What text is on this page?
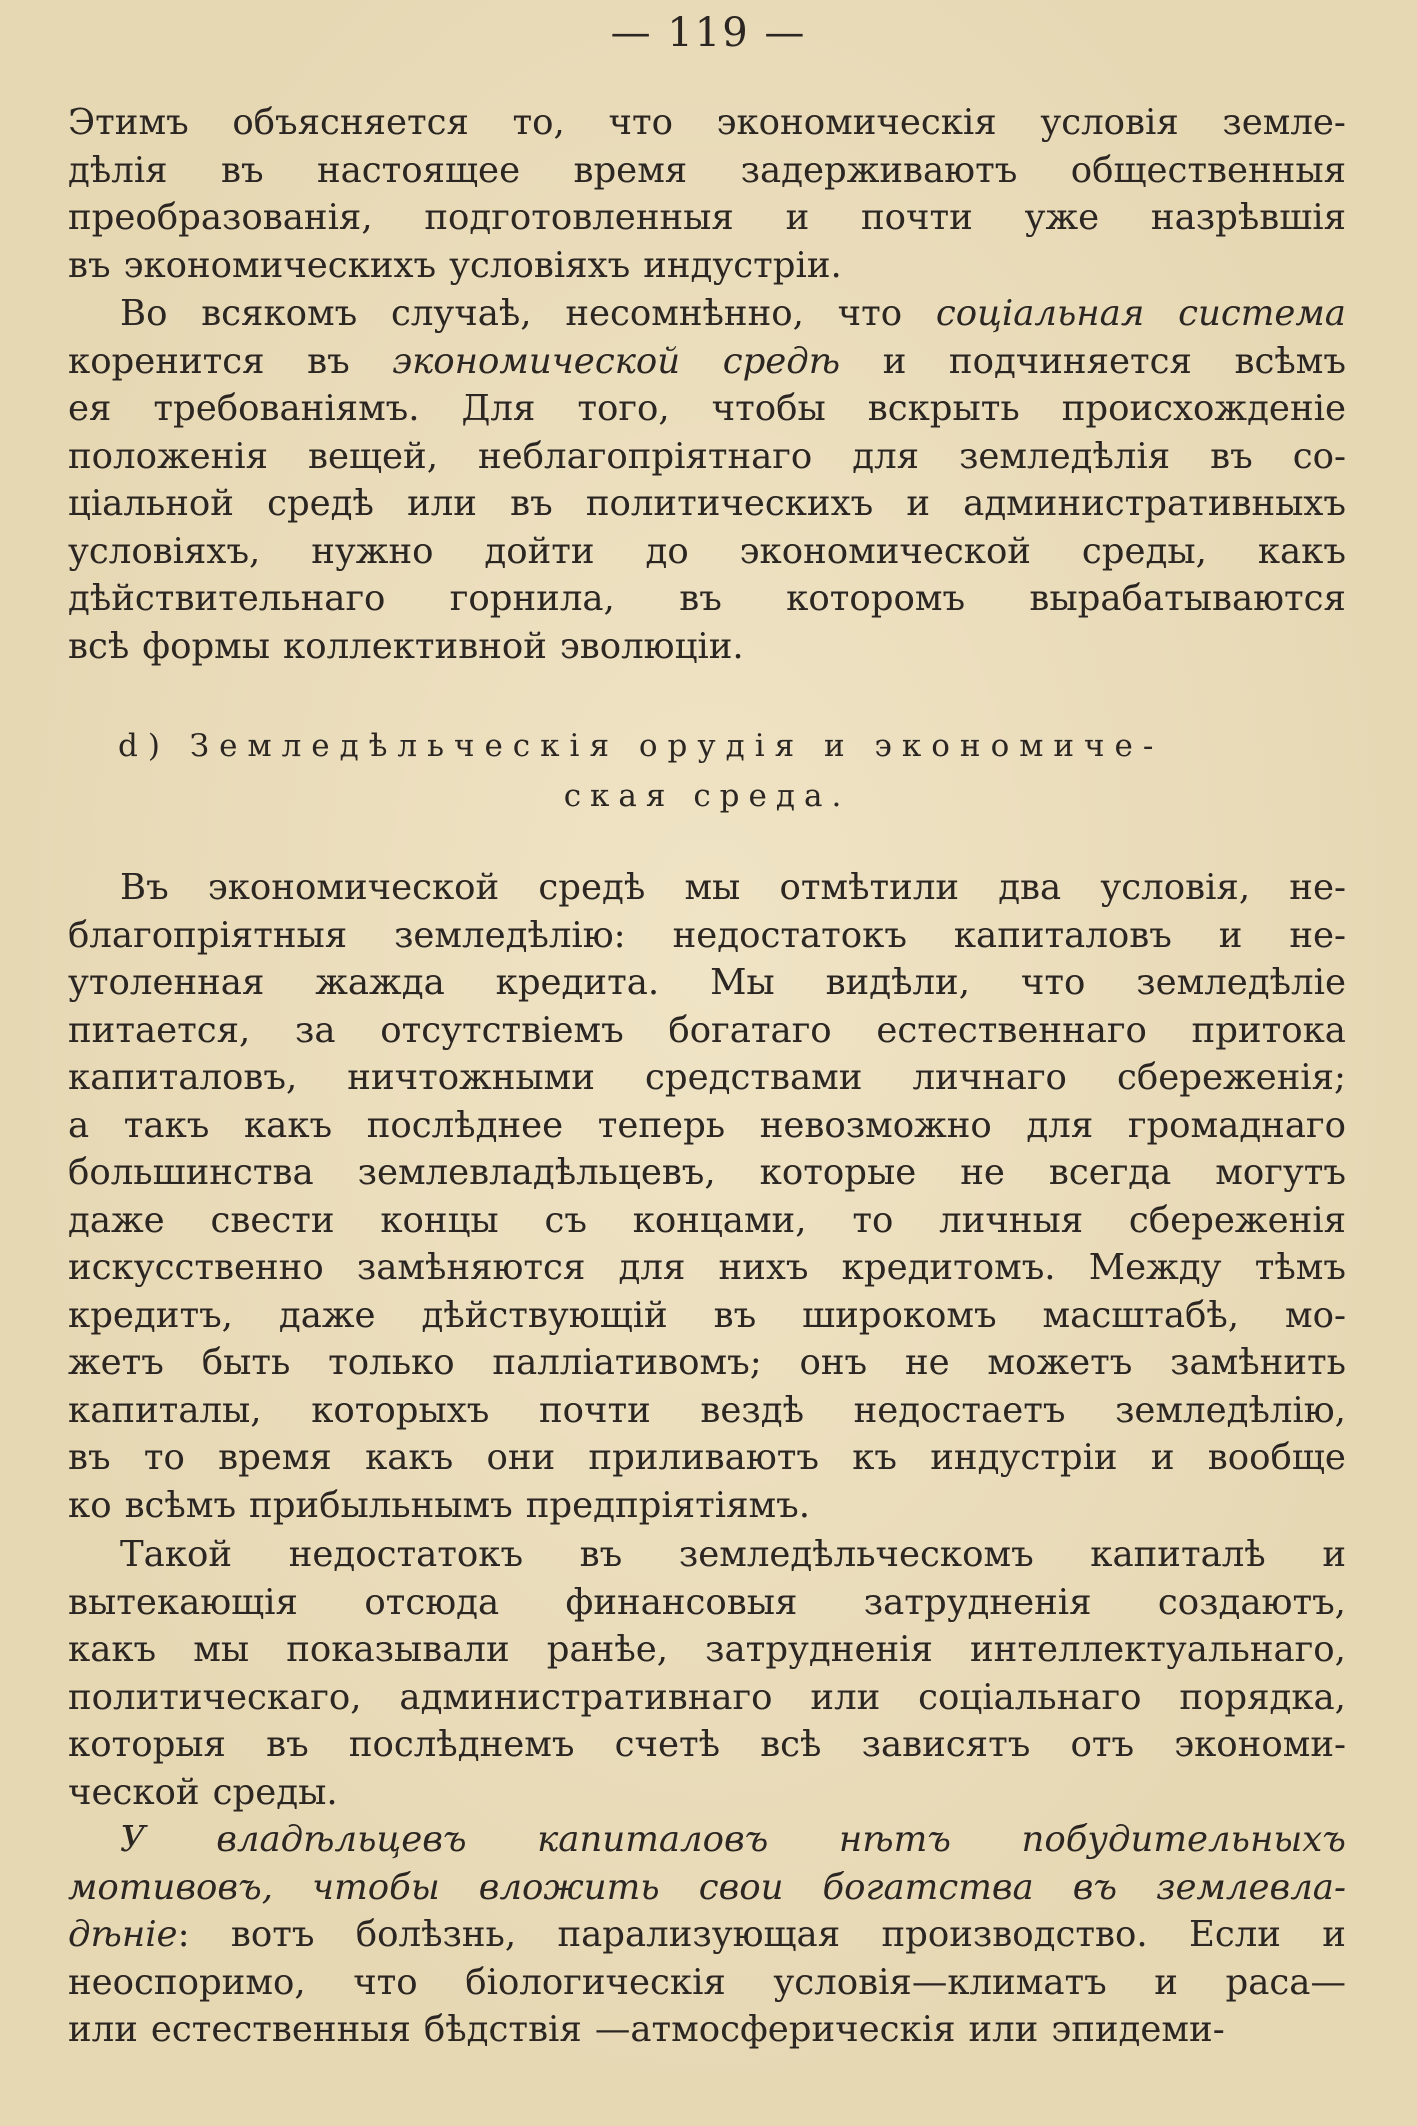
— 119 —
Этимъ объясняется то, что экономическія условія земле-
дѣлія въ настоящее время задерживаютъ общественныя
преобразованія, подготовленныя и почти уже назрѣвшія
въ экономическихъ условіяхъ индустріи.
Во всякомъ случаѣ, несомнѣнно, что соціальная система
коренится въ экономической средѣ и подчиняется всѣмъ
ея требованіямъ. Для того, чтобы вскрыть происхожденіе
положенія вещей, неблагопріятнаго для земледѣлія въ со-
ціальной средѣ или въ политическихъ и административныхъ
условіяхъ, нужно дойти до экономической среды, какъ
дѣйствительнаго горнила, въ которомъ вырабатываются
всѣ формы коллективной эволюціи.
d) Земледѣльческія орудія и экономиче-
ская среда.
Въ экономической средѣ мы отмѣтили два условія, не-
благопріятныя земледѣлію: недостатокъ капиталовъ и не-
утоленная жажда кредита. Мы видѣли, что земледѣліе
питается, за отсутствіемъ богатаго естественнаго притока
капиталовъ, ничтожными средствами личнаго сбереженія;
а такъ какъ послѣднее теперь невозможно для громаднаго
большинства землевладѣльцевъ, которые не всегда могутъ
даже свести концы съ концами, то личныя сбереженія
искусственно замѣняются для нихъ кредитомъ. Между тѣмъ
кредитъ, даже дѣйствующій въ широкомъ масштабѣ, мо-
жетъ быть только паллiативомъ; онъ не можетъ замѣнить
капиталы, которыхъ почти вездѣ недостаетъ земледѣлію,
въ то время какъ они приливаютъ къ индустріи и вообще
ко всѣмъ прибыльнымъ предпріятіямъ.
Такой недостатокъ въ земледѣльческомъ капиталѣ и
вытекающія отсюда финансовыя затрудненія создаютъ,
какъ мы показывали ранѣе, затрудненія интеллектуальнаго,
политическаго, административнаго или соціальнаго порядка,
которыя въ послѣднемъ счетѣ всѣ зависятъ отъ экономи-
ческой среды.
У владѣльцевъ капиталовъ нѣтъ побудительныхъ
мотивовъ, чтобы вложить свои богатства въ землевла-
дѣніе: вотъ болѣзнь, парализующая производство. Если и
неоспоримо, что біологическія условія—климатъ и раса—
или естественныя бѣдствія —атмосферическія или эпидеми-
